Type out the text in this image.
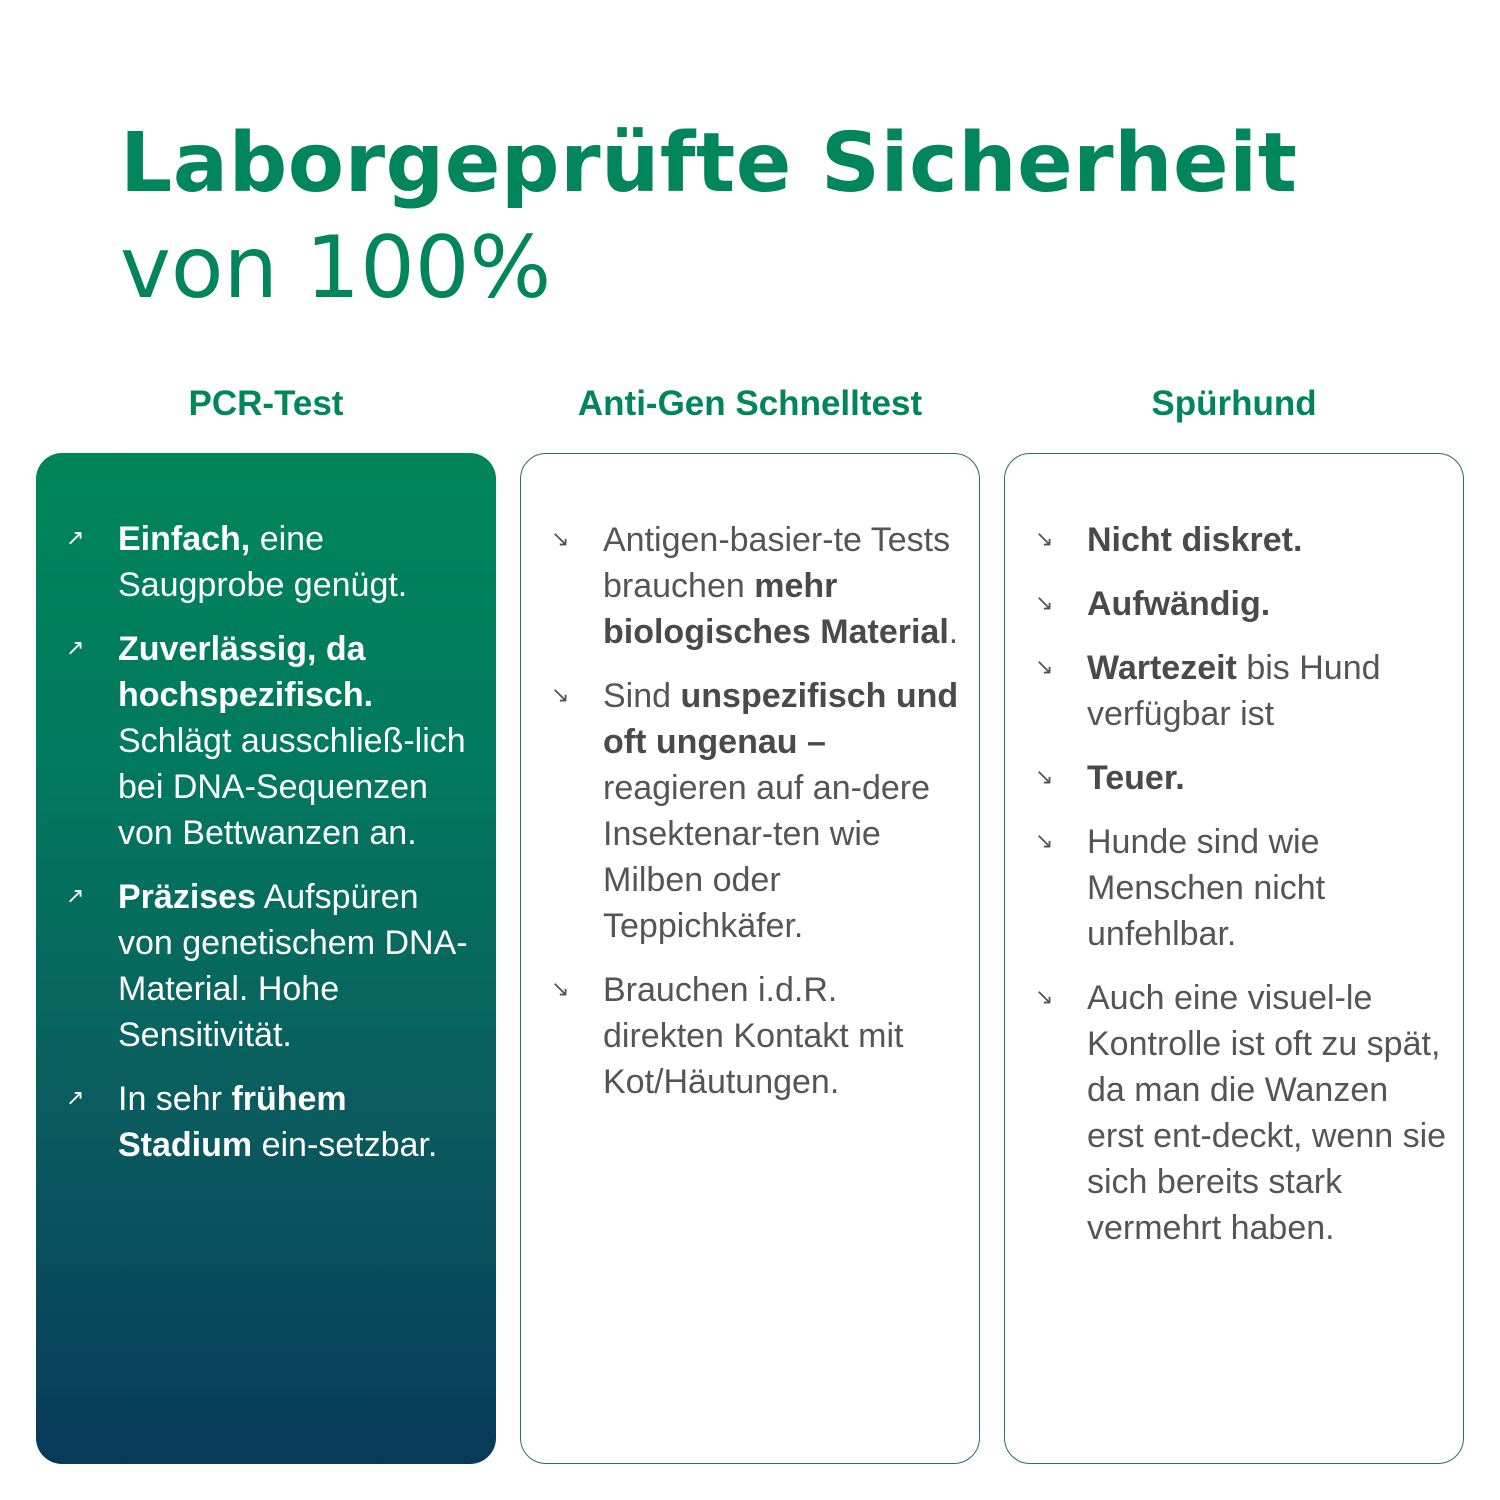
Laborgeprüfte Sicherheit
von 100%
PCR-Test	Anti-Gen Schnelltest	Spürhund
↗ Einfach, eine Saugprobe genügt.
↗ Zuverlässig, da hochspezifisch. Schlägt ausschließ-lich bei DNA-Sequenzen von Bettwanzen an.
↗ Präzises Aufspüren von genetischem DNA-Material. Hohe Sensitivität.
↗ In sehr frühem Stadium ein-setzbar.
↘ Antigen-basier-te Tests brauchen mehr biologisches Material.
↘ Sind unspezifisch und oft ungenau – reagieren auf an-dere Insektenar-ten wie Milben oder Teppichkäfer.
↘ Brauchen i.d.R. direkten Kontakt mit Kot/Häutungen.
↘ Nicht diskret.
↘ Aufwändig.
↘ Wartezeit bis Hund verfügbar ist
↘ Teuer.
↘ Hunde sind wie Menschen nicht unfehlbar.
↘ Auch eine visuel-le Kontrolle ist oft zu spät, da man die Wanzen erst ent-deckt, wenn sie sich bereits stark vermehrt haben.
